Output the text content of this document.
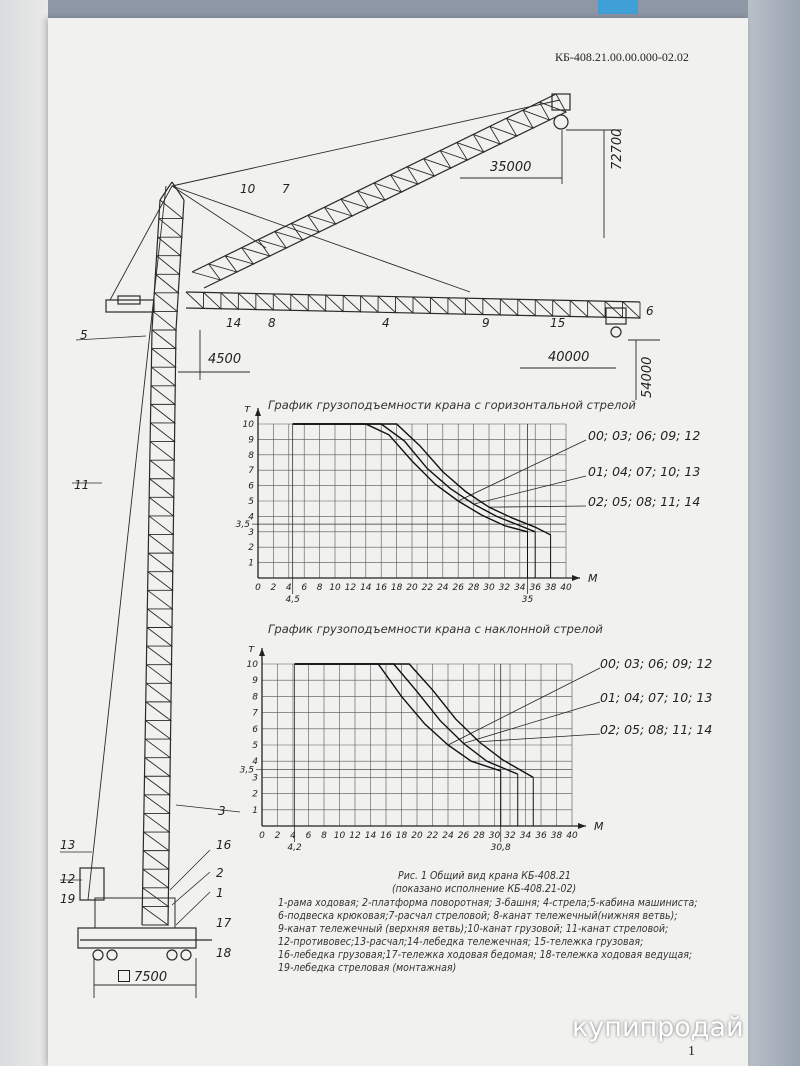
0 2 4 6 8 10 12 14 16 18 20 22 24 26 28 30 32 34 36 38 40
1
2
3
4
5
6
7
8
9
10
4,5	35
3,5
M
т
0 2 4 6 8 10 12 14 16 18 20 22 24 26 28 30 32 34 36 38 40
1
2
3
4
5
6
7
8
9
10
4,2	30,8
3,5
M
т
КБ-408.21.00.00.000-02.02
1
10 7
5
14 8	4	9	15
6
11
3
16
13
2
12
1
19
17
18
35000	72700
4500	40000	54000
7500
График грузоподъемности крана с горизонтальной стрелой
График грузоподъемности крана с наклонной стрелой
00; 03; 06; 09; 12
01; 04; 07; 10; 13
02; 05; 08; 11; 14
00; 03; 06; 09; 12
01; 04; 07; 10; 13
02; 05; 08; 11; 14
Рис. 1 Общий вид крана КБ-408.21
(показано исполнение КБ-408.21-02)
1-рама ходовая; 2-платформа поворотная; 3-башня; 4-стрела;5-кабина машиниста;
6-подвеска крюковая;7-расчал стреловой; 8-канат тележечный(нижняя ветвь);
9-канат тележечный (верхняя ветвь);10-канат грузовой; 11-канат стреловой;
12-противовес;13-расчал;14-лебедка тележечная; 15-тележка грузовая;
16-лебедка грузовая;17-тележка ходовая бедомая; 18-тележка ходовая ведущая;
19-лебедка стреловая (монтажная)
купипродай
